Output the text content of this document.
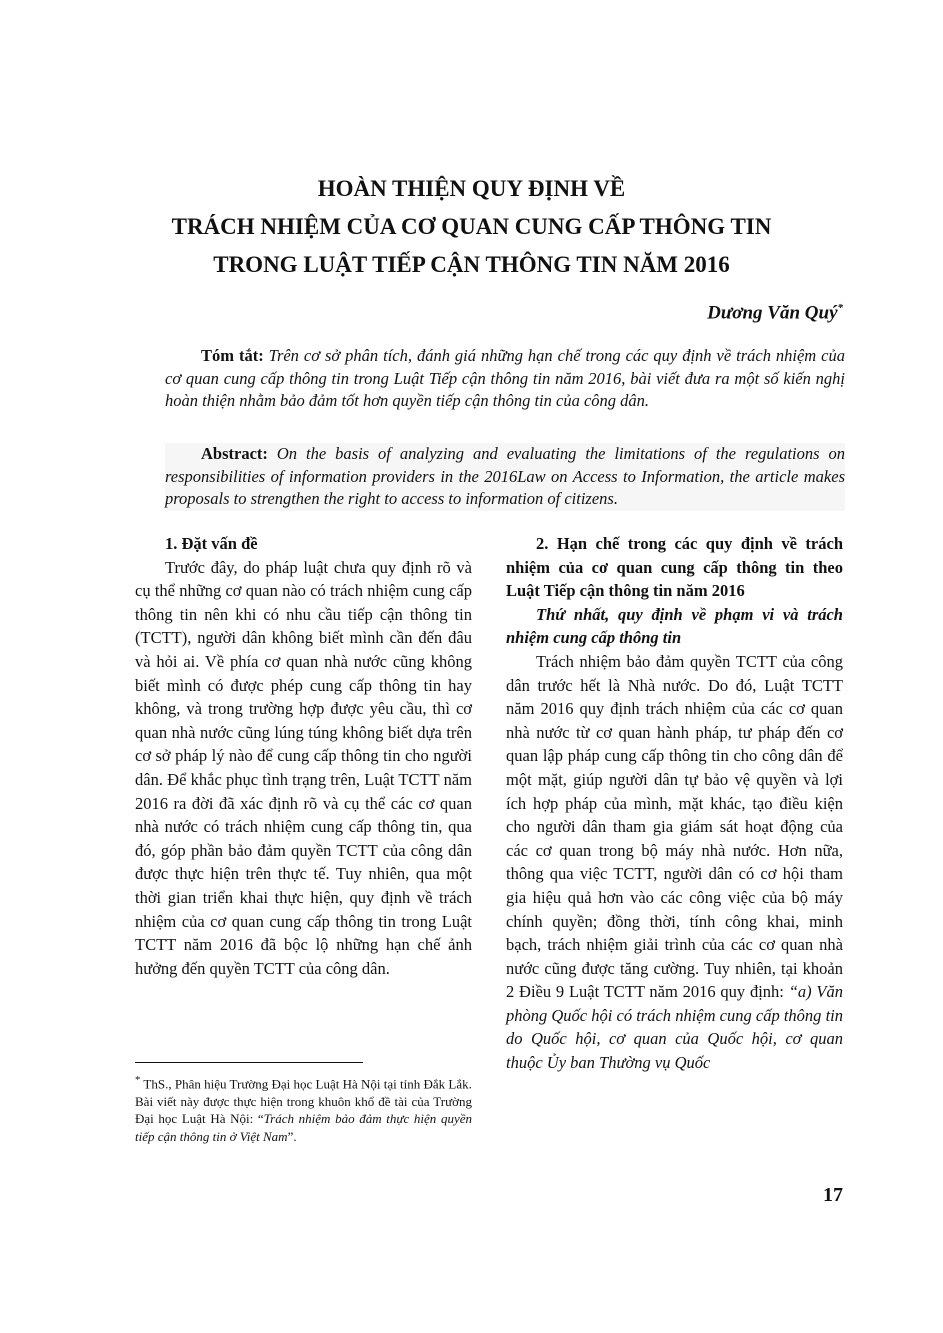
HOÀN THIỆN QUY ĐỊNH VỀ
TRÁCH NHIỆM CỦA CƠ QUAN CUNG CẤP THÔNG TIN
TRONG LUẬT TIẾP CẬN THÔNG TIN NĂM 2016
Dương Văn Quý*
Tóm tắt: Trên cơ sở phân tích, đánh giá những hạn chế trong các quy định về trách nhiệm của cơ quan cung cấp thông tin trong Luật Tiếp cận thông tin năm 2016, bài viết đưa ra một số kiến nghị hoàn thiện nhằm bảo đảm tốt hơn quyền tiếp cận thông tin của công dân.
Abstract: On the basis of analyzing and evaluating the limitations of the regulations on responsibilities of information providers in the 2016Law on Access to Information, the article makes proposals to strengthen the right to access to information of citizens.

1. Đặt vấn đề

Trước đây, do pháp luật chưa quy định rõ và cụ thể những cơ quan nào có trách nhiệm cung cấp thông tin nên khi có nhu cầu tiếp cận thông tin (TCTT), người dân không biết mình cần đến đâu và hỏi ai. Về phía cơ quan nhà nước cũng không biết mình có được phép cung cấp thông tin hay không, và trong trường hợp được yêu cầu, thì cơ quan nhà nước cũng lúng túng không biết dựa trên cơ sở pháp lý nào để cung cấp thông tin cho người dân. Để khắc phục tình trạng trên, Luật TCTT năm 2016 ra đời đã xác định rõ và cụ thể các cơ quan nhà nước có trách nhiệm cung cấp thông tin, qua đó, góp phần bảo đảm quyền TCTT của công dân được thực hiện trên thực tế. Tuy nhiên, qua một thời gian triển khai thực hiện, quy định về trách nhiệm của cơ quan cung cấp thông tin trong Luật TCTT năm 2016 đã bộc lộ những hạn chế ảnh hưởng đến quyền TCTT của công dân.

2. Hạn chế trong các quy định về trách nhiệm của cơ quan cung cấp thông tin theo Luật Tiếp cận thông tin năm 2016

Thứ nhất, quy định về phạm vi và trách nhiệm cung cấp thông tin

Trách nhiệm bảo đảm quyền TCTT của công dân trước hết là Nhà nước. Do đó, Luật TCTT năm 2016 quy định trách nhiệm của các cơ quan nhà nước từ cơ quan hành pháp, tư pháp đến cơ quan lập pháp cung cấp thông tin cho công dân để một mặt, giúp người dân tự bảo vệ quyền và lợi ích hợp pháp của mình, mặt khác, tạo điều kiện cho người dân tham gia giám sát hoạt động của các cơ quan trong bộ máy nhà nước. Hơn nữa, thông qua việc TCTT, người dân có cơ hội tham gia hiệu quả hơn vào các công việc của bộ máy chính quyền; đồng thời, tính công khai, minh bạch, trách nhiệm giải trình của các cơ quan nhà nước cũng được tăng cường. Tuy nhiên, tại khoản 2 Điều 9 Luật TCTT năm 2016 quy định: “a) Văn phòng Quốc hội có trách nhiệm cung cấp thông tin do Quốc hội, cơ quan của Quốc hội, cơ quan thuộc Ủy ban Thường vụ Quốc

* ThS., Phân hiệu Trường Đại học Luật Hà Nội tại tỉnh Đắk Lắk.

Bài viết này được thực hiện trong khuôn khổ đề tài của Trường Đại học Luật Hà Nội: “Trách nhiệm bảo đảm thực hiện quyền tiếp cận thông tin ở Việt Nam”.

17
